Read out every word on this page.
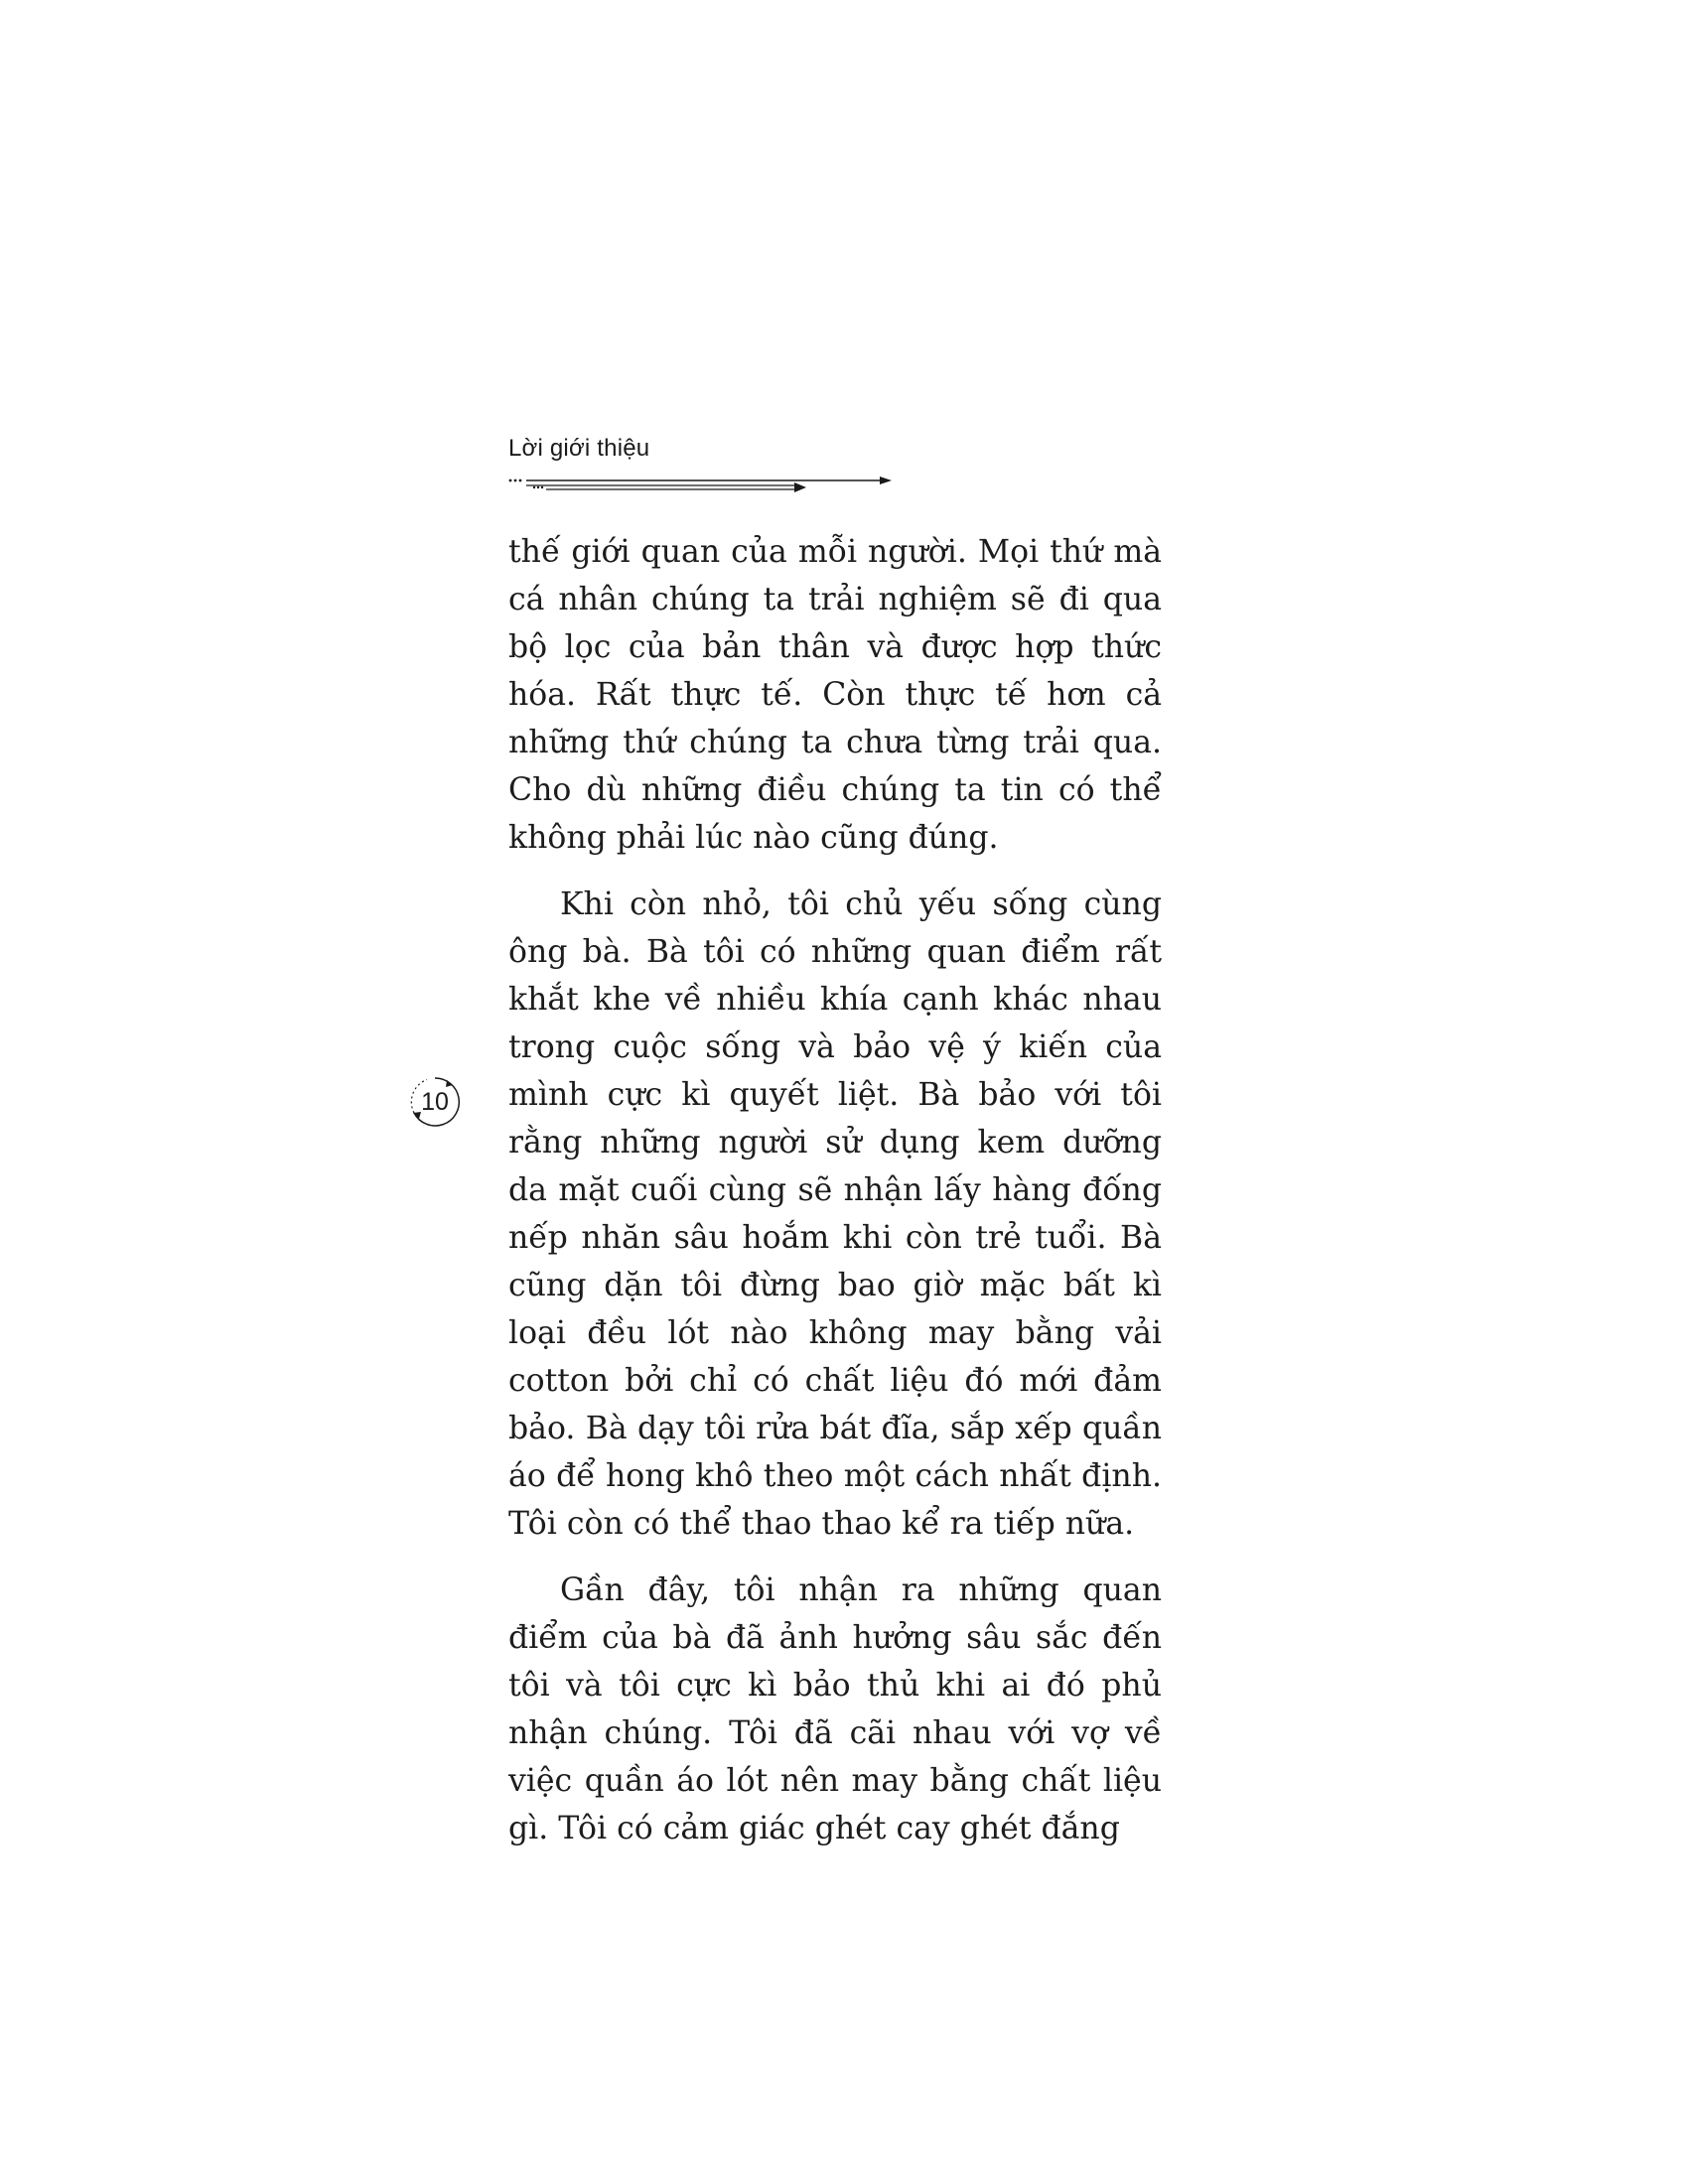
Lời giới thiệu
10

thế giới quan của mỗi người. Mọi thứ mà cá nhân chúng ta trải nghiệm sẽ đi qua bộ lọc của bản thân và được hợp thức hóa. Rất thực tế. Còn thực tế hơn cả những thứ chúng ta chưa từng trải qua. Cho dù những điều chúng ta tin có thể không phải lúc nào cũng đúng.

Khi còn nhỏ, tôi chủ yếu sống cùng ông bà. Bà tôi có những quan điểm rất khắt khe về nhiều khía cạnh khác nhau trong cuộc sống và bảo vệ ý kiến của mình cực kì quyết liệt. Bà bảo với tôi rằng những người sử dụng kem dưỡng da mặt cuối cùng sẽ nhận lấy hàng đống nếp nhăn sâu hoắm khi còn trẻ tuổi. Bà cũng dặn tôi đừng bao giờ mặc bất kì loại đều lót nào không may bằng vải cotton bởi chỉ có chất liệu đó mới đảm bảo. Bà dạy tôi rửa bát đĩa, sắp xếp quần áo để hong khô theo một cách nhất định. Tôi còn có thể thao thao kể ra tiếp nữa.

Gần đây, tôi nhận ra những quan điểm của bà đã ảnh hưởng sâu sắc đến tôi và tôi cực kì bảo thủ khi ai đó phủ nhận chúng. Tôi đã cãi nhau với vợ về việc quần áo lót nên may bằng chất liệu gì. Tôi có cảm giác ghét cay ghét đắng
